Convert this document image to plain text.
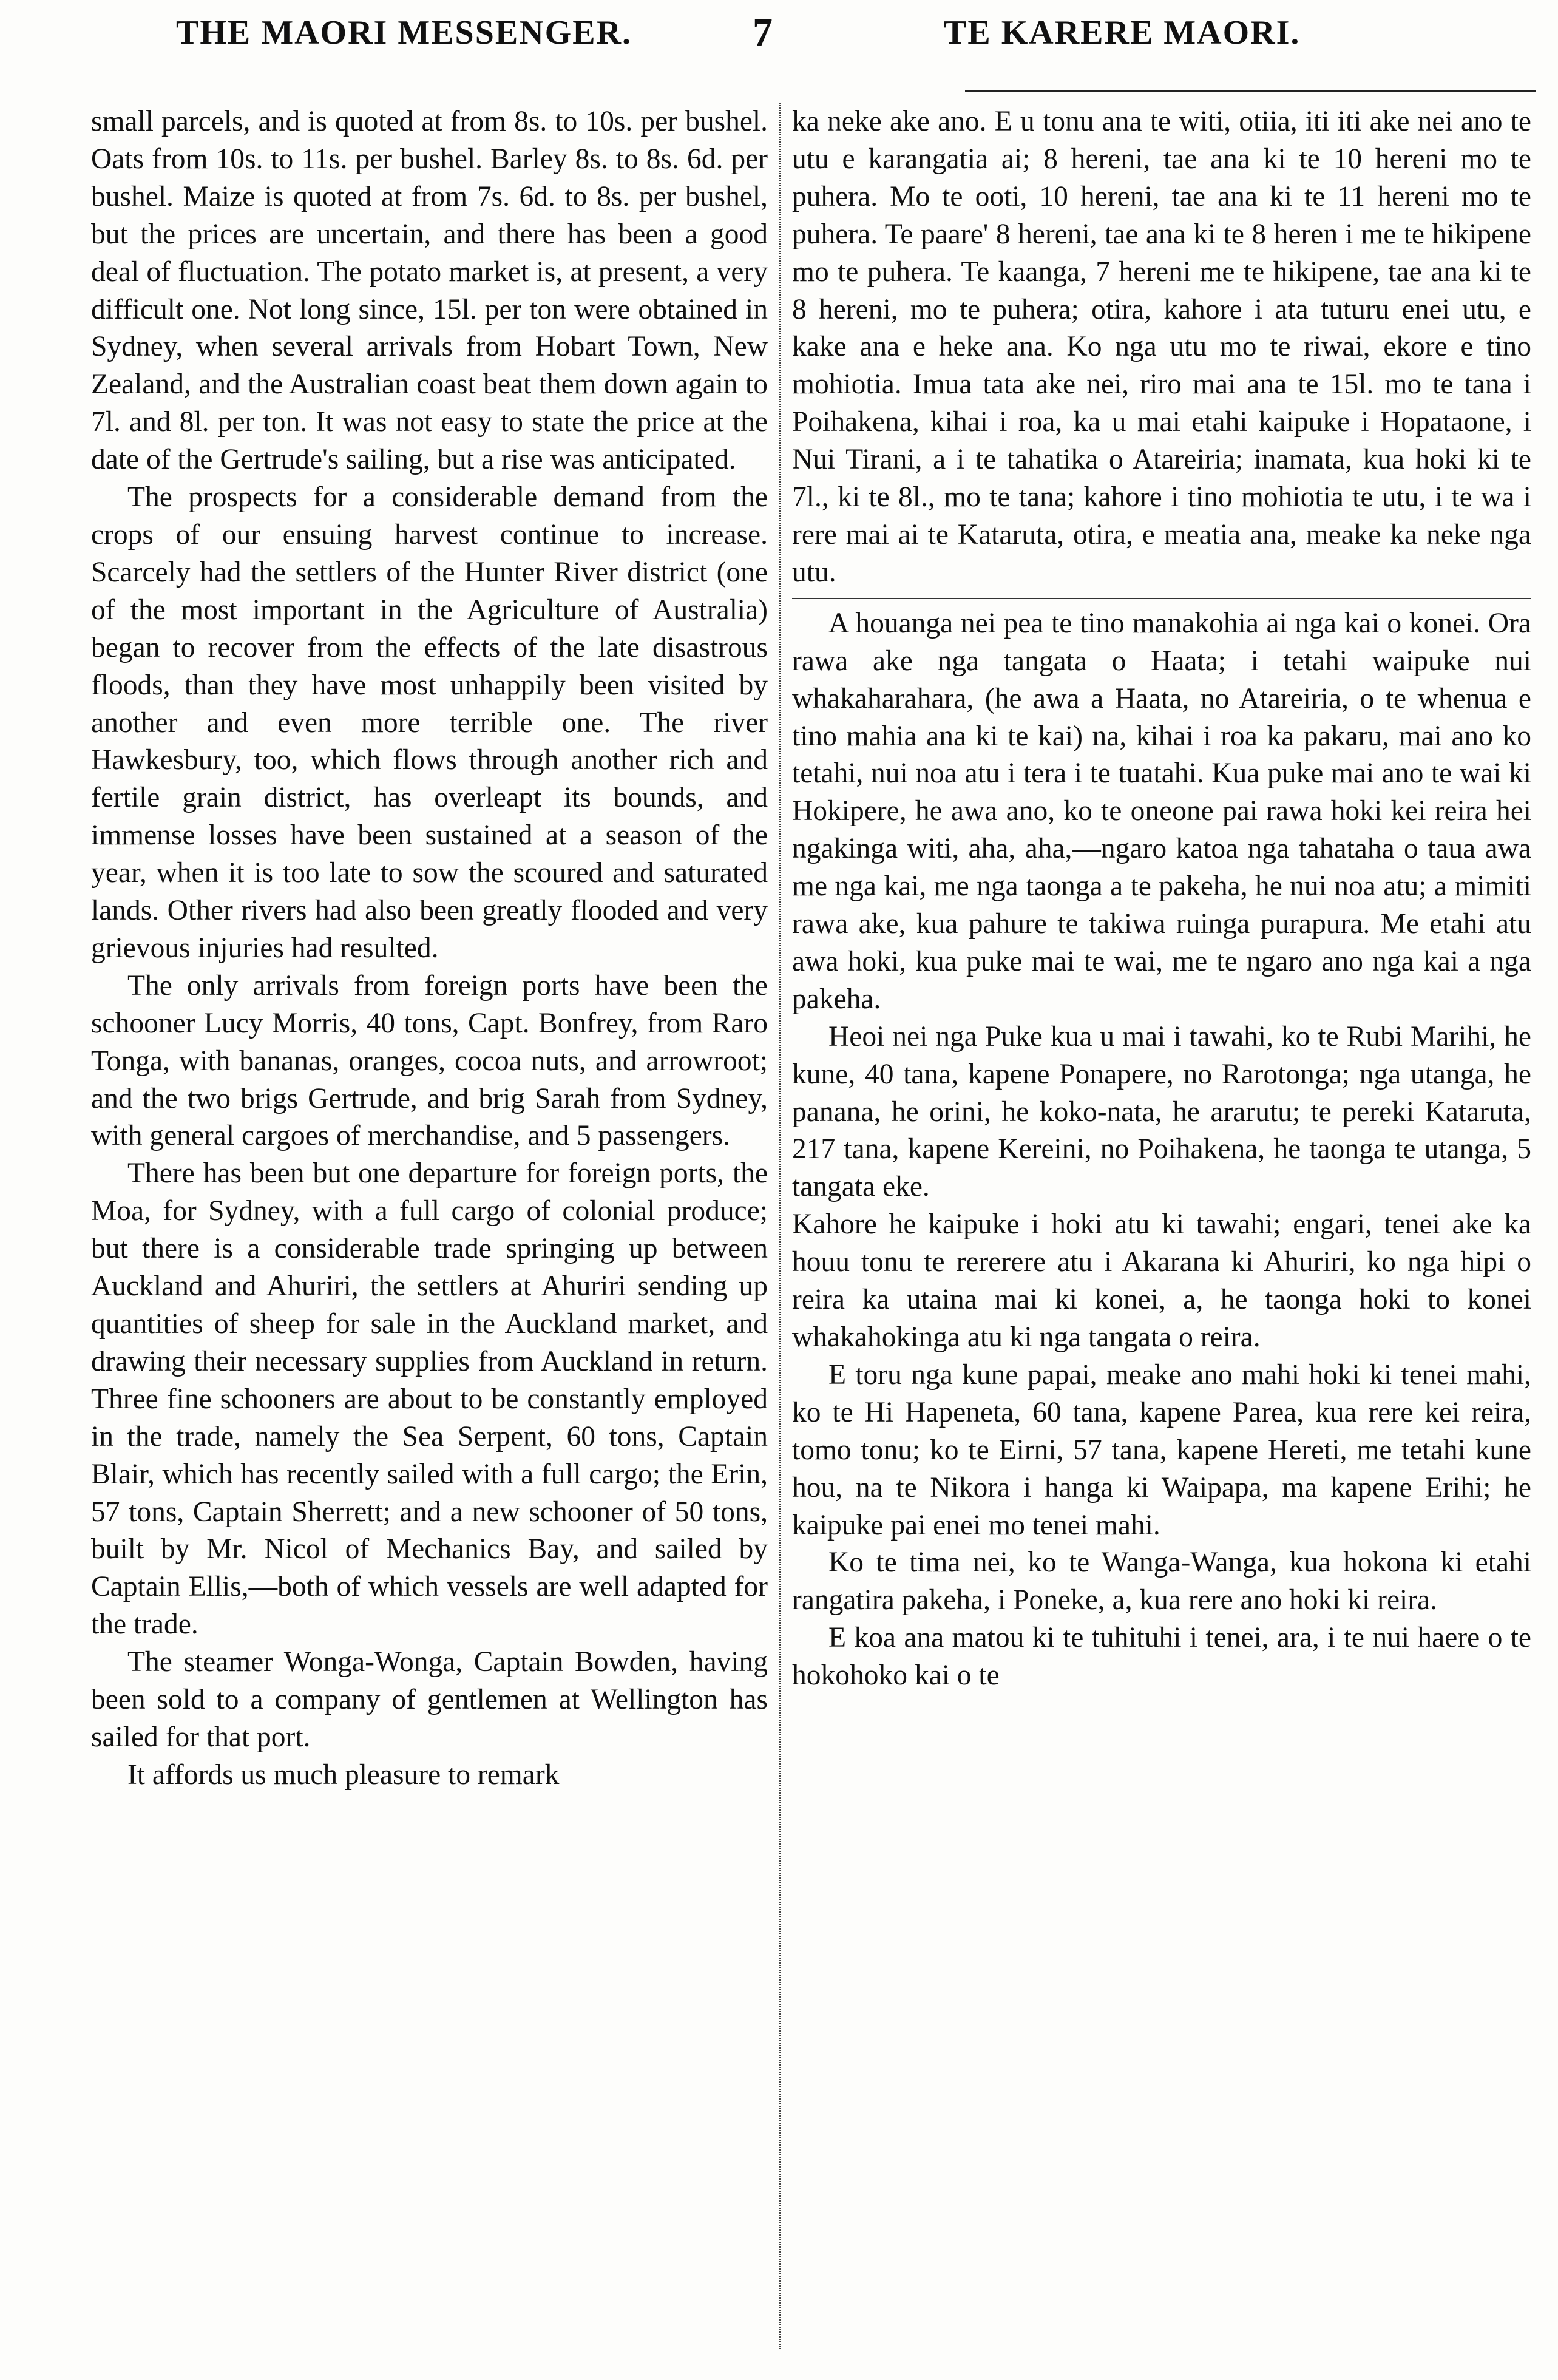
THE MAORI MESSENGER.	7	TE KARERE MAORI.

small parcels, and is quoted at from 8s. to 10s. per bushel. Oats from 10s. to 11s. per bushel. Barley 8s. to 8s. 6d. per bushel. Maize is quoted at from 7s. 6d. to 8s. per bushel, but the prices are uncertain, and there has been a good deal of fluctuation. The potato market is, at present, a very difficult one. Not long since, 15l. per ton were obtained in Sydney, when several arrivals from Hobart Town, New Zealand, and the Australian coast beat them down again to 7l. and 8l. per ton. It was not easy to state the price at the date of the Gertrude's sailing, but a rise was anticipated.

The prospects for a considerable demand from the crops of our ensuing harvest continue to increase. Scarcely had the settlers of the Hunter River district (one of the most important in the Agriculture of Australia) began to recover from the effects of the late disastrous floods, than they have most unhappily been visited by another and even more terrible one. The river Hawkesbury, too, which flows through another rich and fertile grain district, has overleapt its bounds, and immense losses have been sustained at a season of the year, when it is too late to sow the scoured and saturated lands. Other rivers had also been greatly flooded and very grievous injuries had resulted.

The only arrivals from foreign ports have been the schooner Lucy Morris, 40 tons, Capt. Bonfrey, from Raro Tonga, with bananas, oranges, cocoa nuts, and arrowroot; and the two brigs Gertrude, and brig Sarah from Sydney, with general cargoes of merchandise, and 5 passengers.

There has been but one departure for foreign ports, the Moa, for Sydney, with a full cargo of colonial produce; but there is a considerable trade springing up between Auckland and Ahuriri, the settlers at Ahuriri sending up quantities of sheep for sale in the Auckland market, and drawing their necessary supplies from Auckland in return. Three fine schooners are about to be constantly employed in the trade, namely the Sea Serpent, 60 tons, Captain Blair, which has recently sailed with a full cargo; the Erin, 57 tons, Captain Sherrett; and a new schooner of 50 tons, built by Mr. Nicol of Mechanics Bay, and sailed by Captain Ellis,—both of which vessels are well adapted for the trade.

The steamer Wonga-Wonga, Captain Bowden, having been sold to a company of gentlemen at Wellington has sailed for that port.

It affords us much pleasure to remark

ka neke ake ano. E u tonu ana te witi, otiia, iti iti ake nei ano te utu e karangatia ai; 8 hereni, tae ana ki te 10 hereni mo te puhera. Mo te ooti, 10 hereni, tae ana ki te 11 hereni mo te puhera. Te paare' 8 hereni, tae ana ki te 8 heren i me te hikipene mo te puhera. Te kaanga, 7 hereni me te hikipene, tae ana ki te 8 hereni, mo te puhera; otira, kahore i ata tuturu enei utu, e kake ana e heke ana. Ko nga utu mo te riwai, ekore e tino mohiotia. Imua tata ake nei, riro mai ana te 15l. mo te tana i Poihakena, kihai i roa, ka u mai etahi kaipuke i Hopataone, i Nui Tirani, a i te tahatika o Atareiria; inamata, kua hoki ki te 7l., ki te 8l., mo te tana; kahore i tino mohiotia te utu, i te wa i rere mai ai te Kataruta, otira, e meatia ana, meake ka neke nga utu.

A houanga nei pea te tino manakohia ai nga kai o konei. Ora rawa ake nga tangata o Haata; i tetahi waipuke nui whakaharahara, (he awa a Haata, no Atareiria, o te whenua e tino mahia ana ki te kai) na, kihai i roa ka pakaru, mai ano ko tetahi, nui noa atu i tera i te tuatahi. Kua puke mai ano te wai ki Hokipere, he awa ano, ko te oneone pai rawa hoki kei reira hei ngakinga witi, aha, aha,—ngaro katoa nga tahataha o taua awa me nga kai, me nga taonga a te pakeha, he nui noa atu; a mimiti rawa ake, kua pahure te takiwa ruinga purapura. Me etahi atu awa hoki, kua puke mai te wai, me te ngaro ano nga kai a nga pakeha.

Heoi nei nga Puke kua u mai i tawahi, ko te Rubi Marihi, he kune, 40 tana, kapene Ponapere, no Rarotonga; nga utanga, he panana, he orini, he koko-nata, he ararutu; te pereki Kataruta, 217 tana, kapene Kereini, no Poihakena, he taonga te utanga, 5 tangata eke.

Kahore he kaipuke i hoki atu ki tawahi; engari, tenei ake ka houu tonu te rererere atu i Akarana ki Ahuriri, ko nga hipi o reira ka utaina mai ki konei, a, he taonga hoki to konei whakahokinga atu ki nga tangata o reira.

E toru nga kune papai, meake ano mahi hoki ki tenei mahi, ko te Hi Hapeneta, 60 tana, kapene Parea, kua rere kei reira, tomo tonu; ko te Eirni, 57 tana, kapene Hereti, me tetahi kune hou, na te Nikora i hanga ki Waipapa, ma kapene Erihi; he kaipuke pai enei mo tenei mahi.

Ko te tima nei, ko te Wanga-Wanga, kua hokona ki etahi rangatira pakeha, i Poneke, a, kua rere ano hoki ki reira.

E koa ana matou ki te tuhituhi i tenei, ara, i te nui haere o te hokohoko kai o te
